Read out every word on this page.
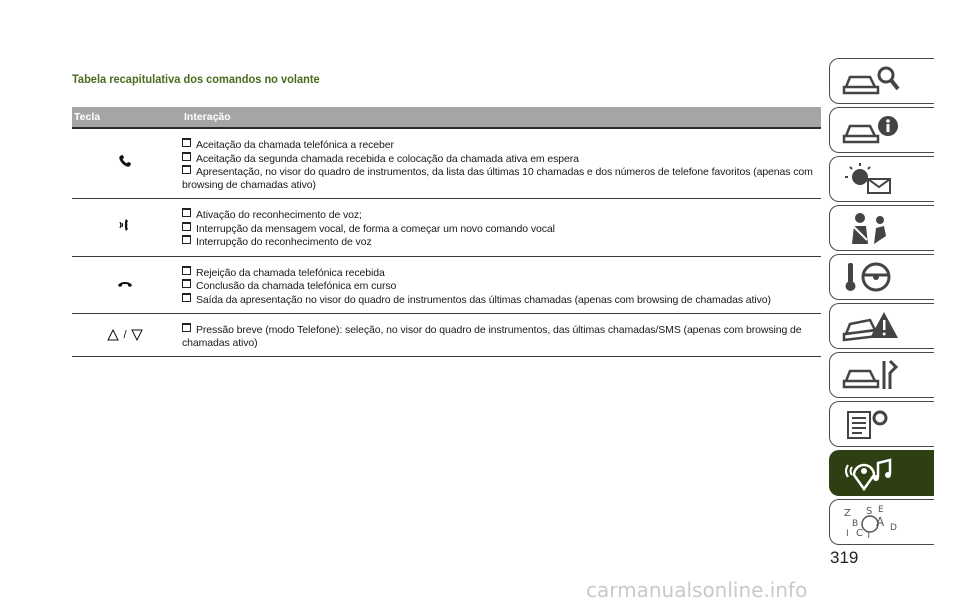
Tabela recapitulativa dos comandos no volante
Tecla	Interação
Aceitação da chamada telefónica a receber
Aceitação da segunda chamada recebida e colocação da chamada ativa em espera
Apresentação, no visor do quadro de instrumentos, da lista das últimas 10 chamadas e dos números de telefone favoritos (apenas com browsing de chamadas ativo)
Ativação do reconhecimento de voz;
Interrupção da mensagem vocal, de forma a começar um novo comando vocal
Interrupção do reconhecimento de voz
Rejeição da chamada telefónica recebida
Conclusão da chamada telefónica em curso
Saída da apresentação no visor do quadro de instrumentos das últimas chamadas (apenas com browsing de chamadas ativo)
/	Pressão breve (modo Telefone): seleção, no visor do quadro de instrumentos, das últimas chamadas/SMS (apenas com browsing de chamadas ativo)
Z S E
A
B
I C T
D
319
carmanualsonline.info
